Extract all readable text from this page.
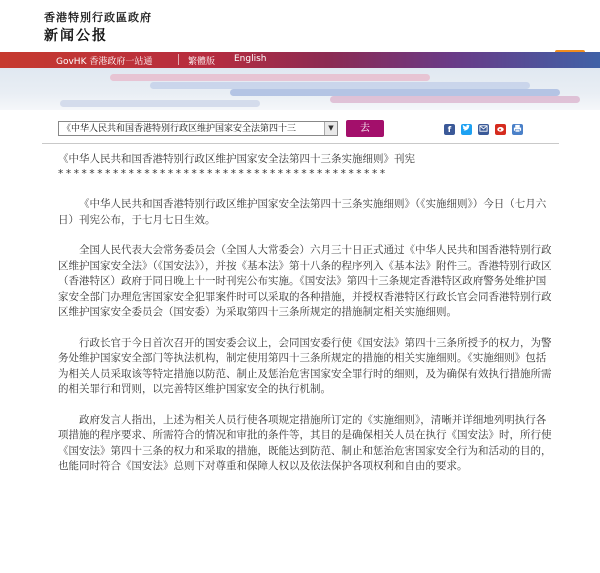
香港特別行政區政府
新闻公报
GovHK 香港政府一站通	繁體版 English
《中华人民共和国香港特别行政区维护国家安全法第四十三	▼	去	f

《中华人民共和国香港特别行政区维护国家安全法第四十三条实施细则》刊宪

******************************************

《中华人民共和国香港特别行政区维护国家安全法第四十三条实施细则》（《实施细则》）今日（七月六日）刊宪公布，于七月七日生效。

全国人民代表大会常务委员会（全国人大常委会）六月三十日正式通过《中华人民共和国香港特别行政区维护国家安全法》（《国安法》），并按《基本法》第十八条的程序列入《基本法》附件三。香港特别行政区（香港特区）政府于同日晚上十一时刊宪公布实施。《国安法》第四十三条规定香港特区政府警务处维护国家安全部门办理危害国家安全犯罪案件时可以采取的各种措施，并授权香港特区行政长官会同香港特别行政区维护国家安全委员会（国安委）为采取第四十三条所规定的措施制定相关实施细则。

行政长官于今日首次召开的国安委会议上，会同国安委行使《国安法》第四十三条所授予的权力，为警务处维护国家安全部门等执法机构，制定使用第四十三条所规定的措施的相关实施细则。《实施细则》包括为相关人员采取该等特定措施以防范、制止及惩治危害国家安全罪行时的细则，及为确保有效执行措施所需的相关罪行和罚则，以完善特区维护国家安全的执行机制。

政府发言人指出，上述为相关人员行使各项规定措施所订定的《实施细则》，清晰并详细地列明执行各项措施的程序要求、所需符合的情况和审批的条件等，其目的是确保相关人员在执行《国安法》时，所行使《国安法》第四十三条的权力和采取的措施，既能达到防范、制止和惩治危害国家安全行为和活动的目的，也能同时符合《国安法》总则下对尊重和保障人权以及依法保护各项权利和自由的要求。
